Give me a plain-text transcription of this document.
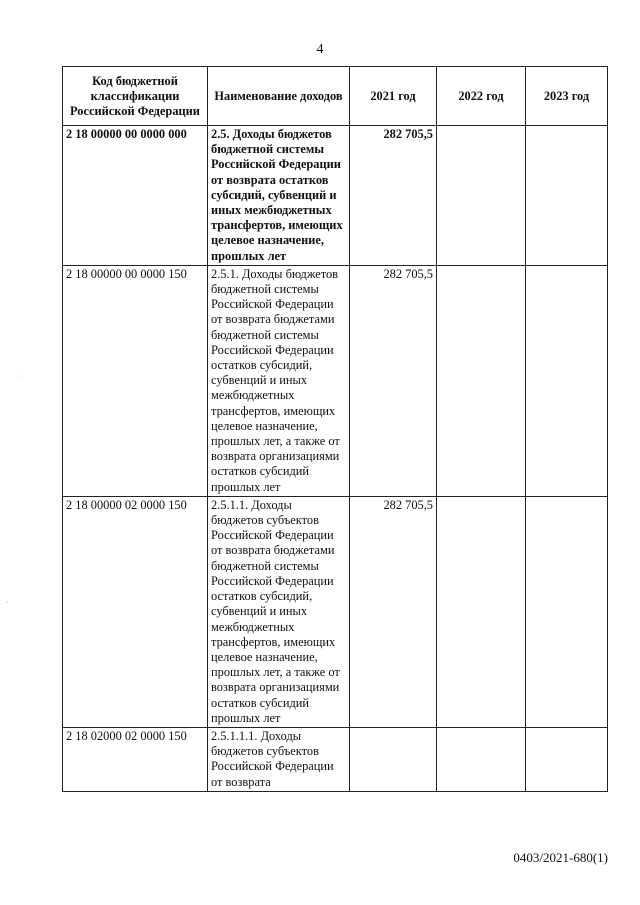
4
Код бюджетной классификации Российской Федерации	Наименование доходов	2021 год	2022 год	2023 год
2 18 00000 00 0000 000	2.5. Доходы бюджетов бюджетной системы Российской Федерации от возврата остатков субсидий, субвенций и иных межбюджетных трансфертов, имеющих целевое назначение, прошлых лет	282 705,5		
2 18 00000 00 0000 150	2.5.1. Доходы бюджетов бюджетной системы Российской Федерации от возврата бюджетами бюджетной системы Российской Федерации остатков субсидий, субвенций и иных межбюджетных трансфертов, имеющих целевое назначение, прошлых лет, а также от возврата организациями остатков субсидий прошлых лет	282 705,5		
2 18 00000 02 0000 150	2.5.1.1. Доходы бюджетов субъектов Российской Федерации от возврата бюджетами бюджетной системы Российской Федерации остатков субсидий, субвенций и иных межбюджетных трансфертов, имеющих целевое назначение, прошлых лет, а также от возврата организациями остатков субсидий прошлых лет	282 705,5		
2 18 02000 02 0000 150	2.5.1.1.1. Доходы бюджетов субъектов Российской Федерации от возврата			
0403/2021-680(1)
·
·
